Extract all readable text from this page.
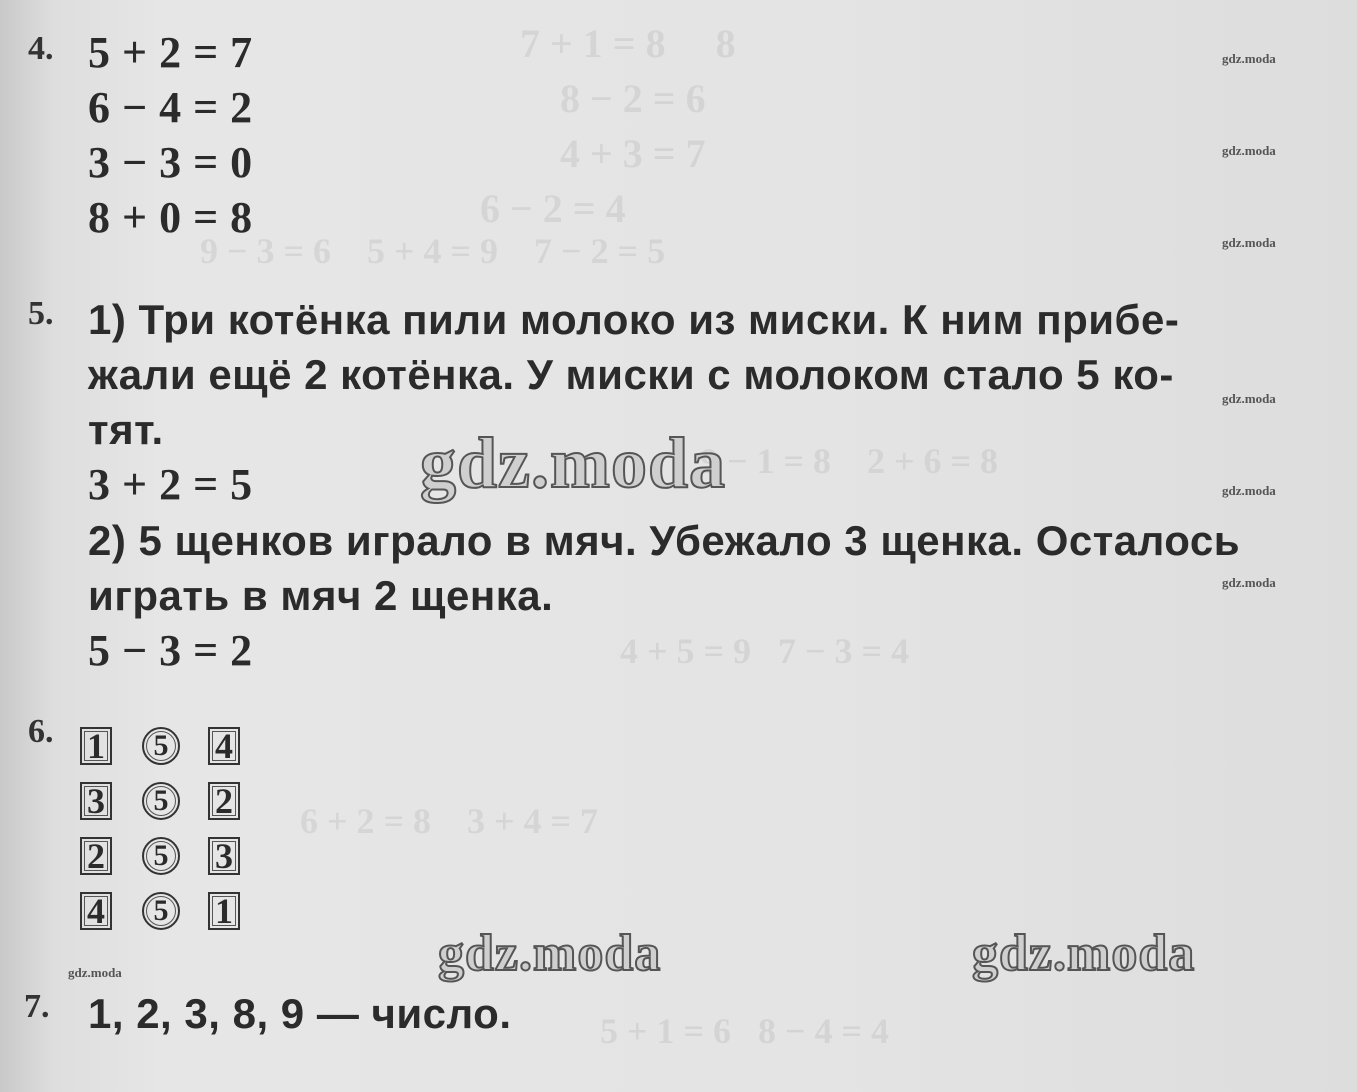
7 + 1 = 8     8
8 − 2 = 6
4 + 3 = 7
6 − 2 = 4
9 − 3 = 6    5 + 4 = 9    7 − 2 = 5
9 − 1 = 8    2 + 6 = 8
4 + 5 = 9   7 − 3 = 4
6 + 2 = 8    3 + 4 = 7
5 + 1 = 6   8 − 4 = 4
4. 5 + 2 = 7
6 − 4 = 2
3 − 3 = 0
8 + 0 = 8
5. 1) Три котёнка пили молоко из миски. К ним прибе-
жали ещё 2 котёнка. У миски с молоком стало 5 ко-
тят.
3 + 2 = 5
2) 5 щенков играло в мяч. Убежало 3 щенка. Осталось
играть в мяч 2 щенка.
5 − 3 = 2
6. 1	5	4
3	5	2
2	5	3
4	5	1
7. 1, 2, 3, 8, 9 — число.
gdz.moda
gdz.moda
gdz.moda
gdz.moda
gdz.moda
gdz.moda
gdz.moda
gdz.moda
gdz.moda	gdz.moda
